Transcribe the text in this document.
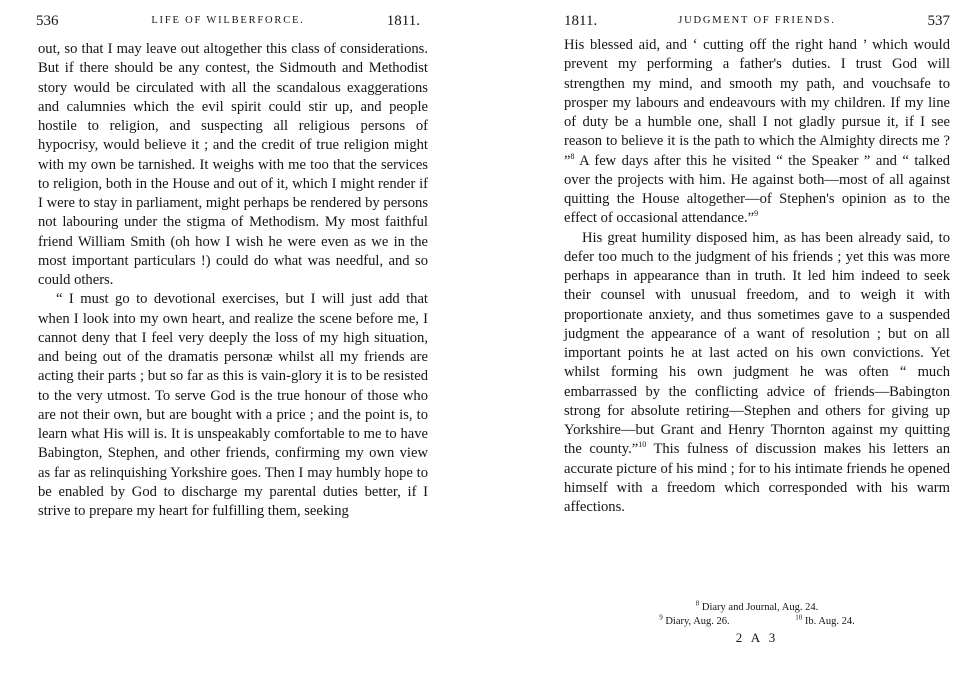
536	LIFE OF WILBERFORCE.	1811.

out, so that I may leave out altogether this class of considerations. But if there should be any contest, the Sidmouth and Methodist story would be circulated with all the scandalous exaggerations and calumnies which the evil spirit could stir up, and people hostile to religion, and suspecting all religious persons of hypocrisy, would believe it ; and the credit of true religion might with my own be tarnished. It weighs with me too that the services to religion, both in the House and out of it, which I might render if I were to stay in parliament, might perhaps be rendered by persons not labouring under the stigma of Methodism. My most faithful friend William Smith (oh how I wish he were even as we in the most important particulars !) could do what was needful, and so could others.

“ I must go to devotional exercises, but I will just add that when I look into my own heart, and realize the scene before me, I cannot deny that I feel very deeply the loss of my high situation, and being out of the dramatis personæ whilst all my friends are acting their parts ; but so far as this is vain-glory it is to be resisted to the very utmost. To serve God is the true honour of those who are not their own, but are bought with a price ; and the point is, to learn what His will is. It is unspeakably comfortable to me to have Babington, Stephen, and other friends, confirming my own view as far as relinquishing Yorkshire goes. Then I may humbly hope to be enabled by God to discharge my parental duties better, if I strive to prepare my heart for fulfilling them, seeking

1811.	JUDGMENT OF FRIENDS.	537

His blessed aid, and ‘ cutting off the right hand ’ which would prevent my performing a father's duties. I trust God will strengthen my mind, and smooth my path, and vouchsafe to prosper my labours and endeavours with my children. If my line of duty be a humble one, shall I not gladly pursue it, if I see reason to believe it is the path to which the Almighty directs me ? ”$^8$ A few days after this he visited “ the Speaker ” and “ talked over the projects with him. He against both—most of all against quitting the House altogether—of Stephen's opinion as to the effect of occasional attendance.”$^9$

His great humility disposed him, as has been already said, to defer too much to the judgment of his friends ; yet this was more perhaps in appearance than in truth. It led him indeed to seek their counsel with unusual freedom, and to weigh it with proportionate anxiety, and thus sometimes gave to a suspended judgment the appearance of a want of resolution ; but on all important points he at last acted on his own convictions. Yet whilst forming his own judgment he was often “ much embarrassed by the conflicting advice of friends—Babington strong for absolute retiring—Stephen and others for giving up Yorkshire—but Grant and Henry Thornton against my quitting the county.”$^{10}$ This fulness of discussion makes his letters an accurate picture of his mind ; for to his intimate friends he opened himself with a freedom which corresponded with his warm affections.

$^8$ Diary and Journal, Aug. 24.
$^9$ Diary, Aug. 26.	$^{10}$ Ib. Aug. 24.
2 A 3
